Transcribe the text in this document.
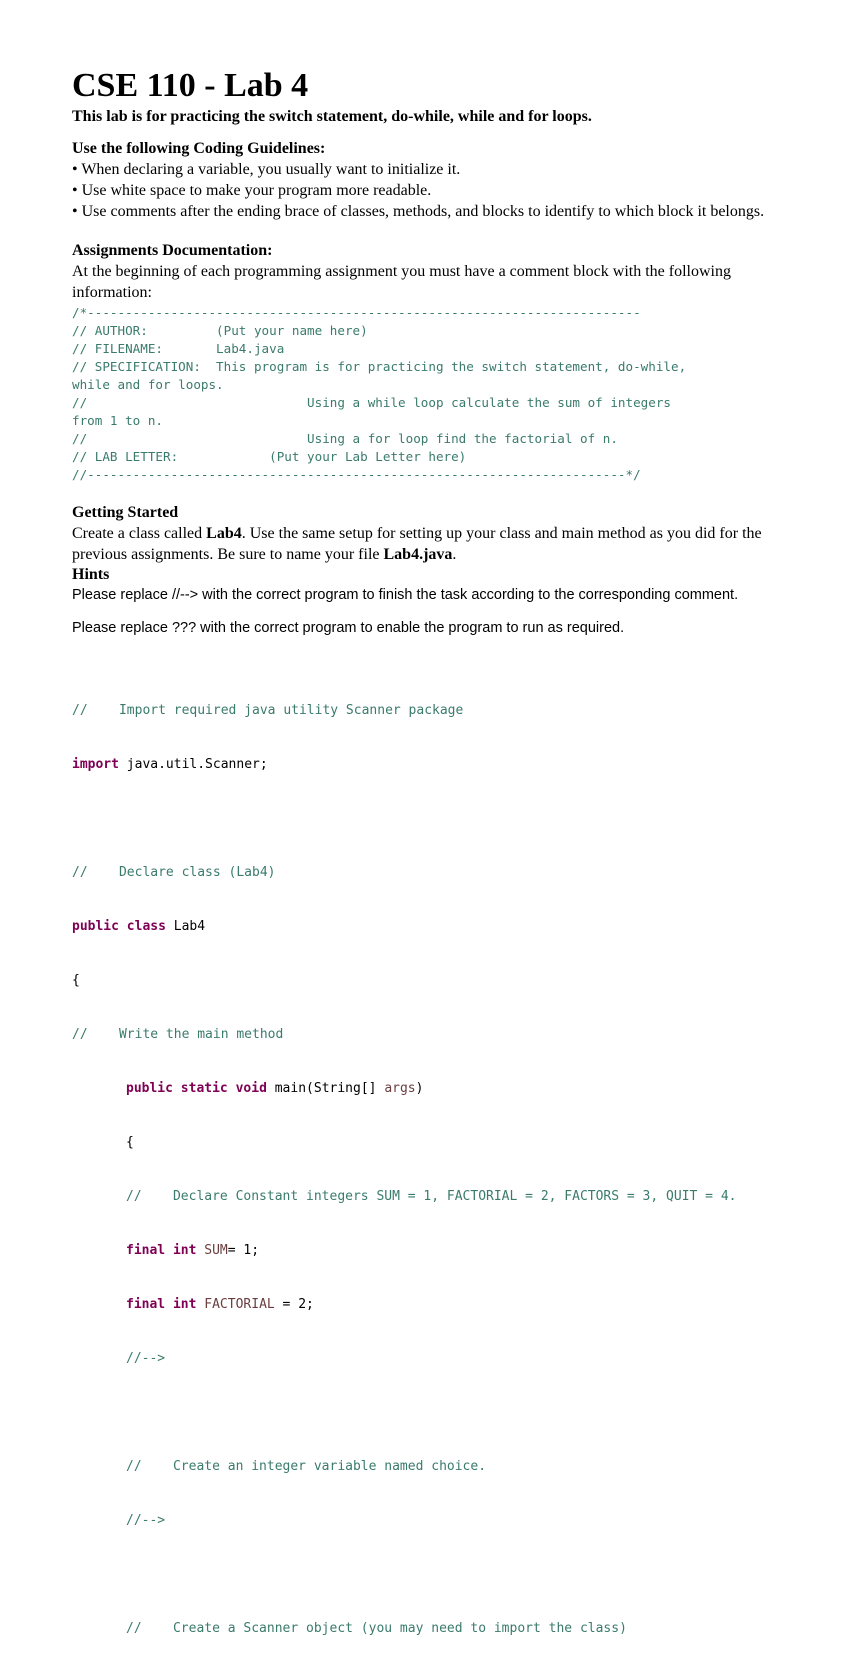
CSE 110 - Lab 4
This lab is for practicing the switch statement, do-while, while and for loops.
Use the following Coding Guidelines:
• When declaring a variable, you usually want to initialize it.
• Use white space to make your program more readable.
• Use comments after the ending brace of classes, methods, and blocks to identify to which block it belongs.
Assignments Documentation:
At the beginning of each programming assignment you must have a comment block with the following information:
/*-------------------------------------------------------------------------
// AUTHOR:         (Put your name here)
// FILENAME:       Lab4.java
// SPECIFICATION:  This program is for practicing the switch statement, do-while,
while and for loops.
//                             Using a while loop calculate the sum of integers
from 1 to n.
//                             Using a for loop find the factorial of n.
// LAB LETTER:            (Put your Lab Letter here)
//-----------------------------------------------------------------------*/
Getting Started
Create a class called Lab4. Use the same setup for setting up your class and main method as you did for the previous assignments. Be sure to name your file Lab4.java.
Hints
Please replace //--> with the correct program to finish the task according to the corresponding comment.
Please replace ??? with the correct program to enable the program to run as required.

//    Import required java utility Scanner package

import java.util.Scanner;

//    Declare class (Lab4)

public class Lab4

{

//    Write the main method

public static void main(String[] args)

{

//    Declare Constant integers SUM = 1, FACTORIAL = 2, FACTORS = 3, QUIT = 4.

final int SUM= 1;

final int FACTORIAL = 2;

//-->

//    Create an integer variable named choice.

//-->

//    Create a Scanner object (you may need to import the class)
